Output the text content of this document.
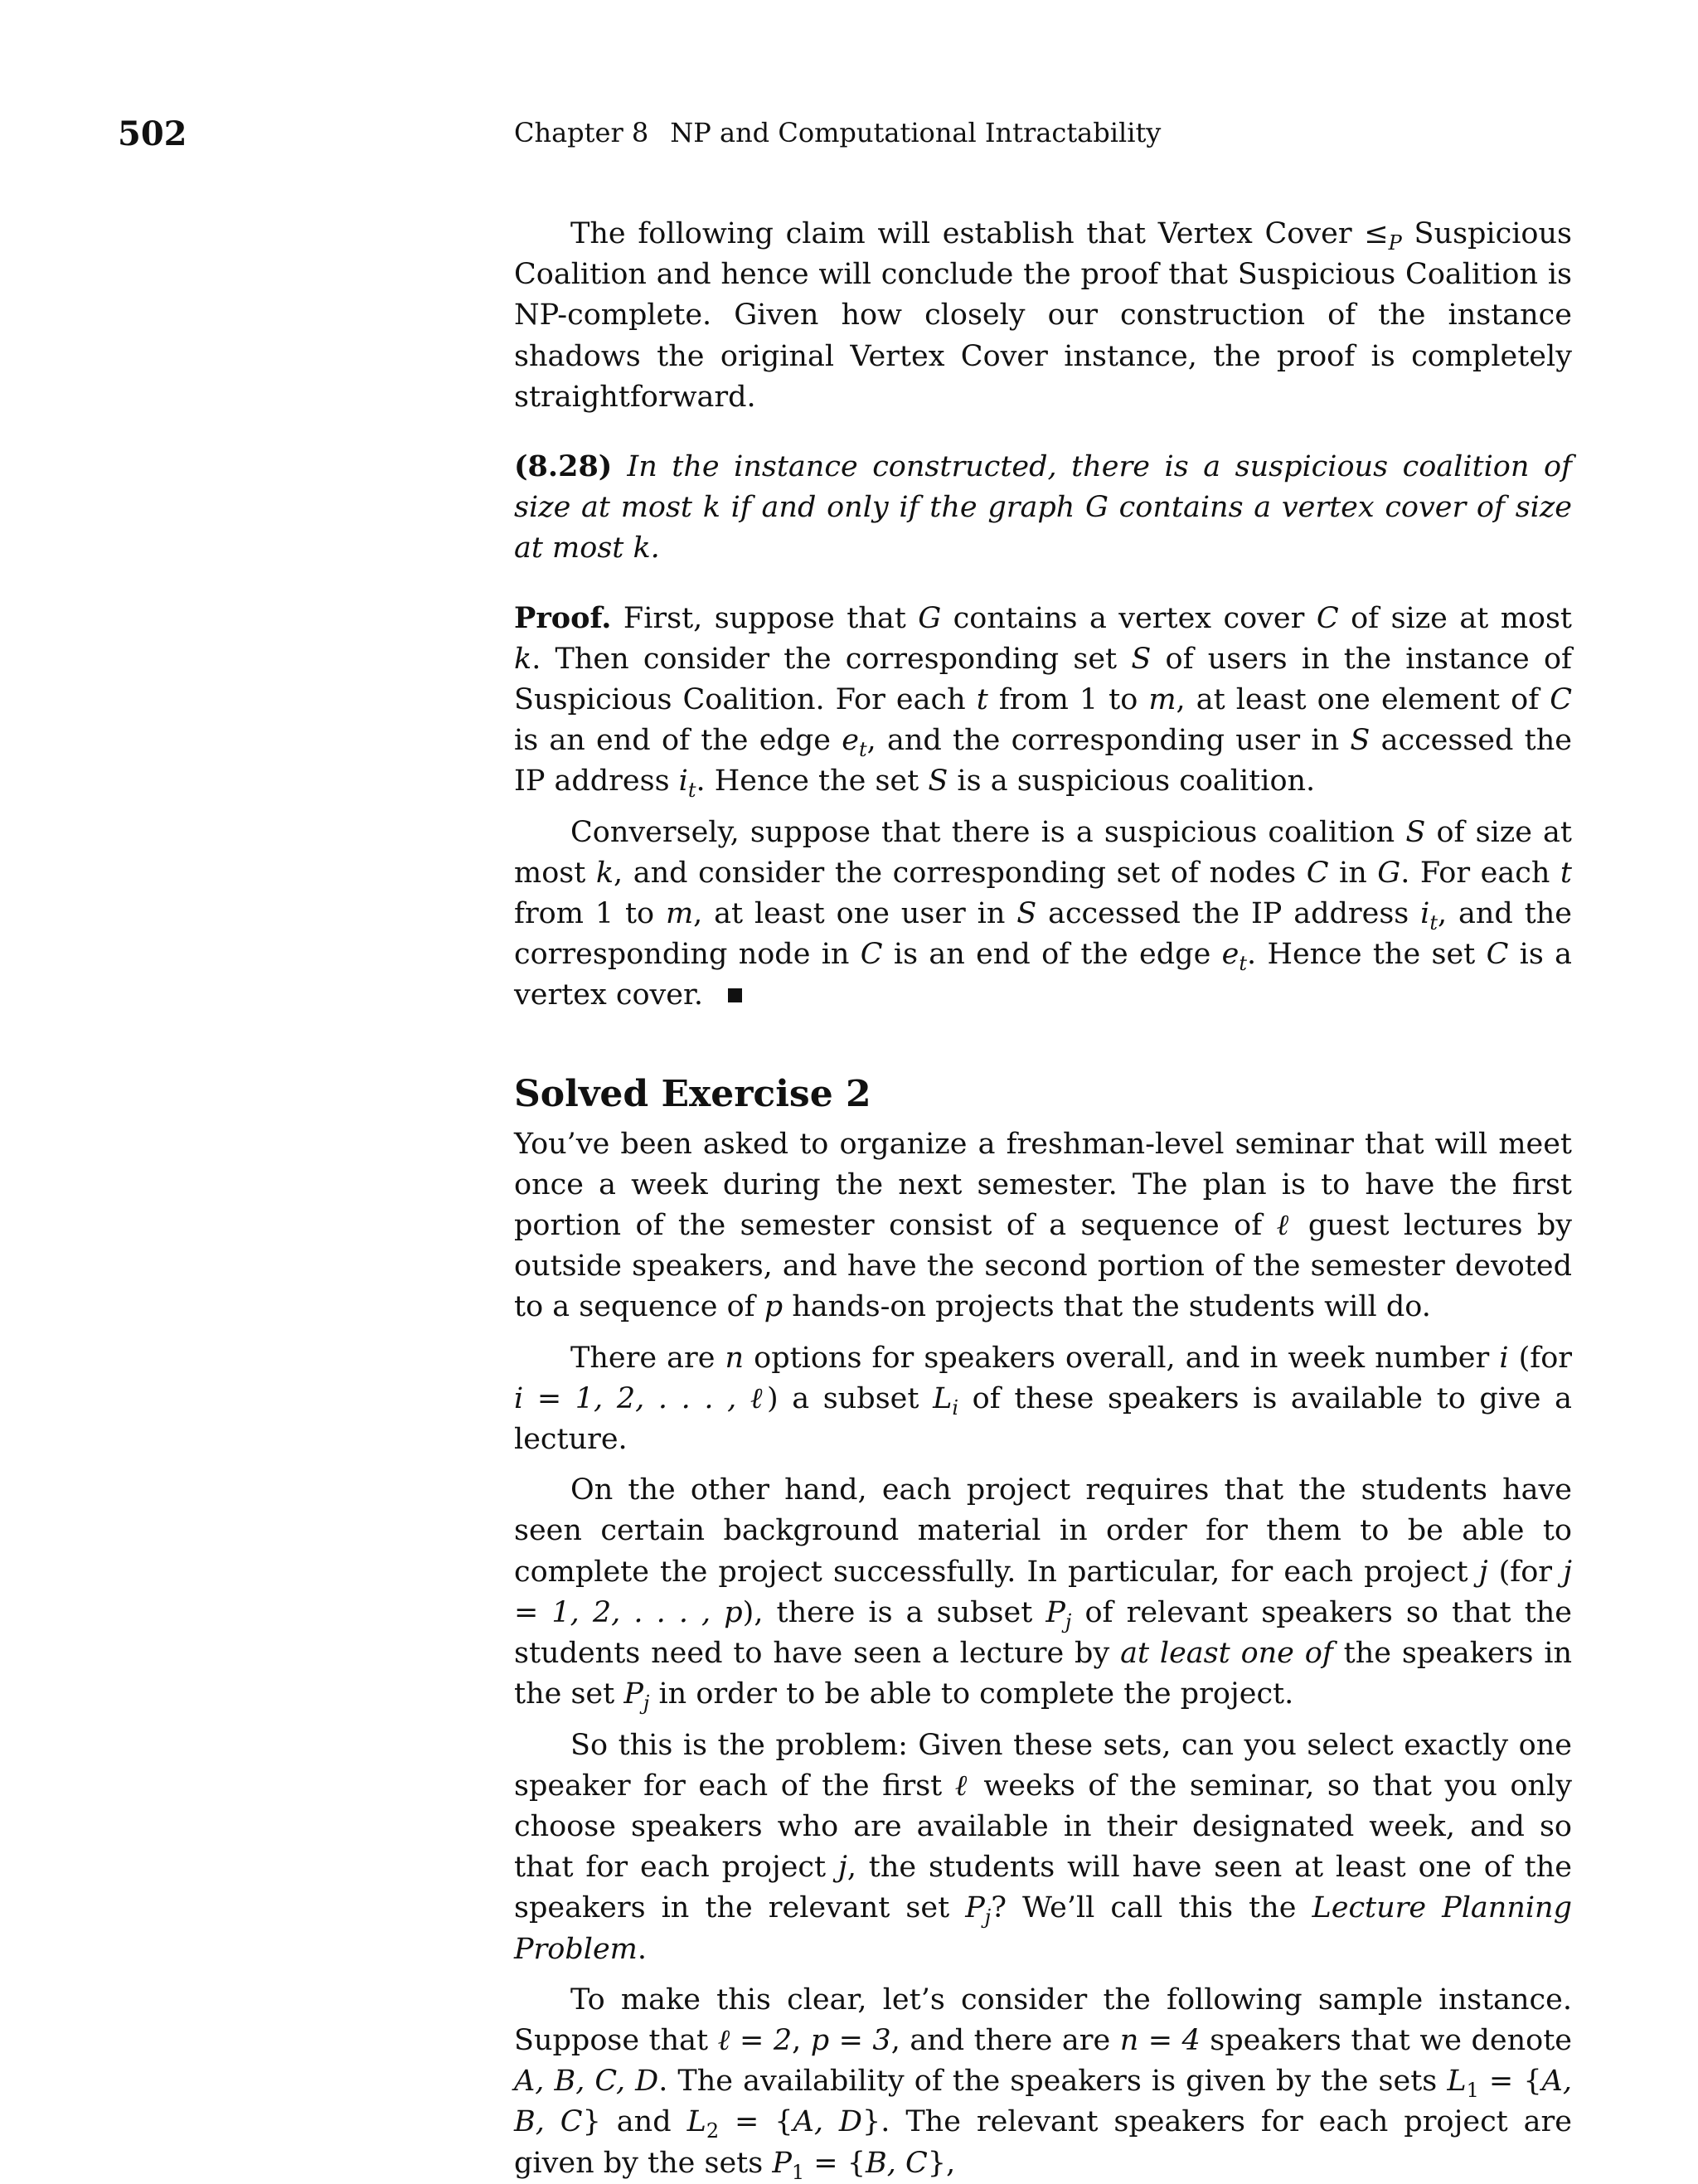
502	Chapter 8 NP and Computational Intractability

The following claim will establish that Vertex Cover $\le_P$ Suspicious Coalition and hence will conclude the proof that Suspicious Coalition is NP-complete. Given how closely our construction of the instance shadows the original Vertex Cover instance, the proof is completely straightforward.

(8.28) In the instance constructed, there is a suspicious coalition of size at most k if and only if the graph G contains a vertex cover of size at most k.

Proof. First, suppose that G contains a vertex cover C of size at most k. Then consider the corresponding set S of users in the instance of Suspicious Coalition. For each t from 1 to m, at least one element of C is an end of the edge $e_t$, and the corresponding user in S accessed the IP address $i_t$. Hence the set S is a suspicious coalition.

Conversely, suppose that there is a suspicious coalition S of size at most k, and consider the corresponding set of nodes C in G. For each t from 1 to m, at least one user in S accessed the IP address $i_t$, and the corresponding node in C is an end of the edge $e_t$. Hence the set C is a vertex cover.

Solved Exercise 2

You’ve been asked to organize a freshman-level seminar that will meet once a week during the next semester. The plan is to have the first portion of the semester consist of a sequence of ℓ guest lectures by outside speakers, and have the second portion of the semester devoted to a sequence of p hands-on projects that the students will do.

There are n options for speakers overall, and in week number i (for i = 1, 2, . . . , ℓ) a subset $L_i$ of these speakers is available to give a lecture.

On the other hand, each project requires that the students have seen certain background material in order for them to be able to complete the project successfully. In particular, for each project j (for j = 1, 2, . . . , p), there is a subset $P_j$ of relevant speakers so that the students need to have seen a lecture by at least one of the speakers in the set $P_j$ in order to be able to complete the project.

So this is the problem: Given these sets, can you select exactly one speaker for each of the first ℓ weeks of the seminar, so that you only choose speakers who are available in their designated week, and so that for each project j, the students will have seen at least one of the speakers in the relevant set $P_j$? We’ll call this the Lecture Planning Problem.

To make this clear, let’s consider the following sample instance. Suppose that ℓ = 2, p = 3, and there are n = 4 speakers that we denote A, B, C, D. The availability of the speakers is given by the sets $L_1 = \{A$, B, C} and $L_2 = \{A$, D}. The relevant speakers for each project are given by the sets $P_1 = \{B$, C},
